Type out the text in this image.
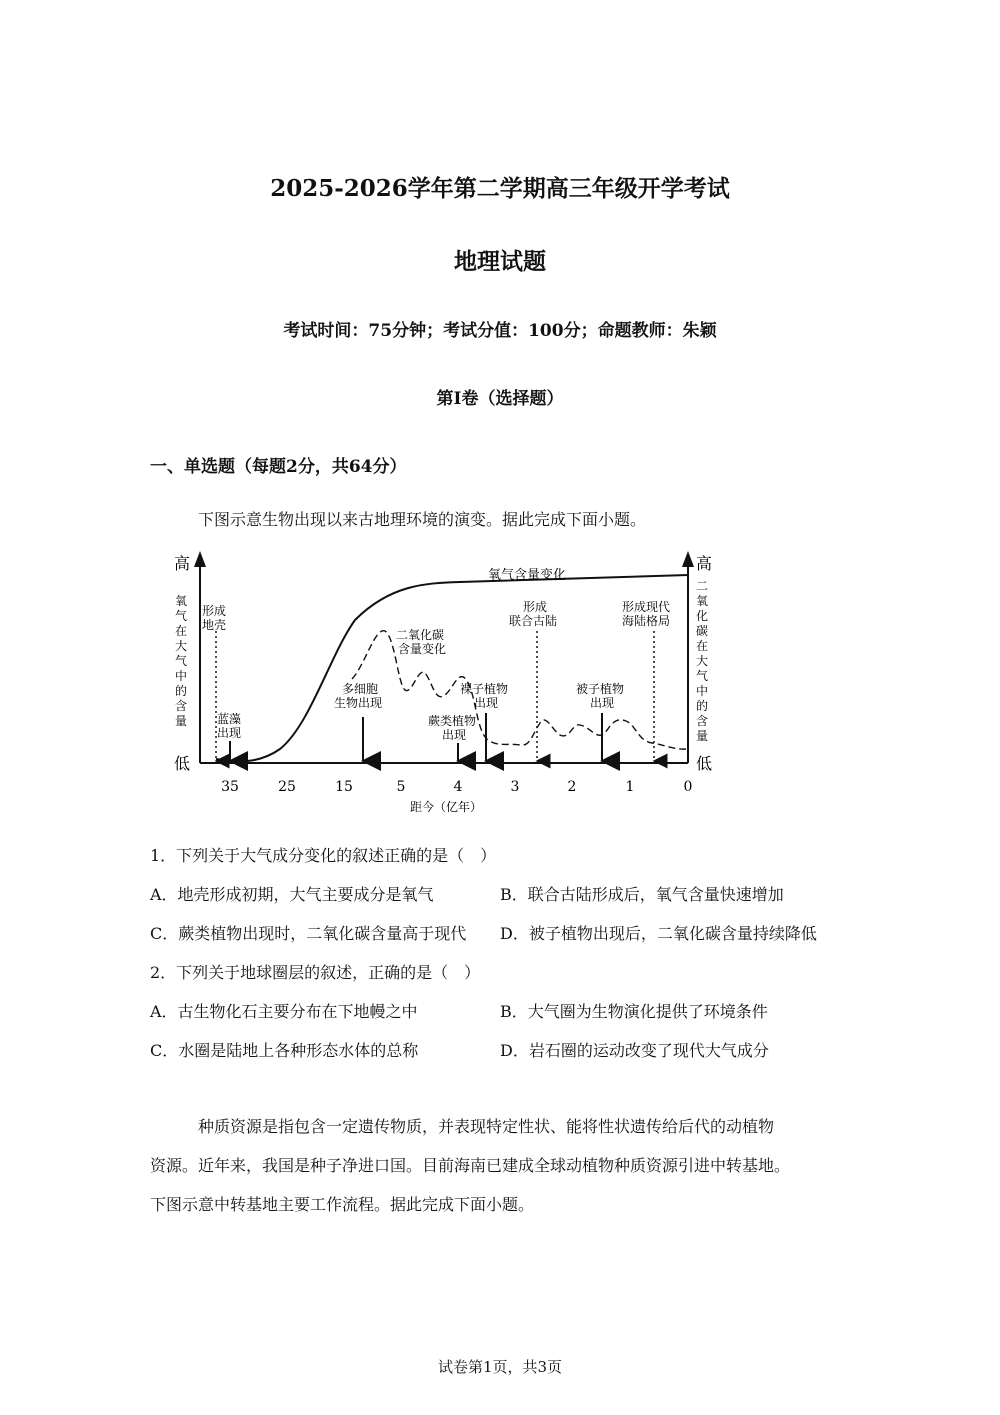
2025-2026学年第二学期高三年级开学考试
地理试题
考试时间：75分钟；考试分值：100分；命题教师：朱颖
第I卷（选择题）
一、单选题（每题2分，共64分）
下图示意生物出现以来古地理环境的演变。据此完成下面小题。
高
低
高
低
氧
气
在
大
气
中
的
含
量
二
氧
化
碳
在
大
气
中
的
含
量
氧气含量变化
二氧化碳
含量变化
形成
地壳
蓝藻
出现
多细胞
生物出现
蕨类植物
出现
裸子植物
出现
形成
联合古陆
被子植物
出现
形成现代
海陆格局
35	25	15	5	4	3	2	1	0
距今（亿年）
1．下列关于大气成分变化的叙述正确的是（　）
A．地壳形成初期，大气主要成分是氧气	B．联合古陆形成后，氧气含量快速增加
C．蕨类植物出现时，二氧化碳含量高于现代 D．被子植物出现后，二氧化碳含量持续降低
2．下列关于地球圈层的叙述，正确的是（　）
A．古生物化石主要分布在下地幔之中	B．大气圈为生物演化提供了环境条件
C．水圈是陆地上各种形态水体的总称	D．岩石圈的运动改变了现代大气成分
种质资源是指包含一定遗传物质，并表现特定性状、能将性状遗传给后代的动植物
资源。近年来，我国是种子净进口国。目前海南已建成全球动植物种质资源引进中转基地。
下图示意中转基地主要工作流程。据此完成下面小题。
试卷第1页，共3页
